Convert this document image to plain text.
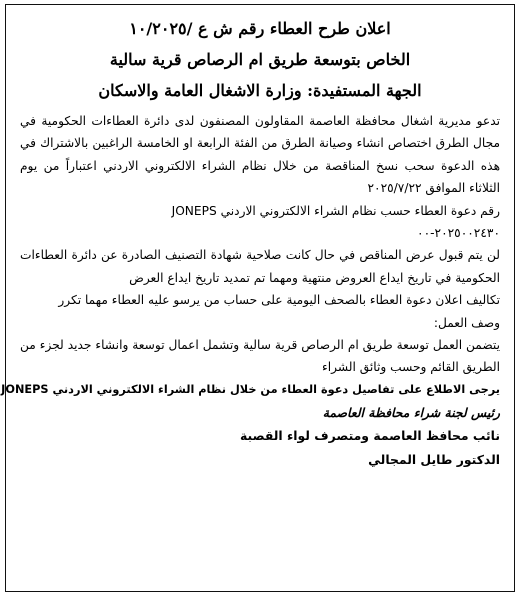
اعلان طرح العطاء رقم ش ع /١٠/٢٠٢٥
الخاص بتوسعة طريق ام الرصاص قرية سالية
الجهة المستفيدة: وزارة الاشغال العامة والاسكان

تدعو مديرية اشغال محافظة العاصمة المقاولون المصنفون لدى دائرة العطاءات الحكومية في مجال الطرق اختصاص انشاء وصيانة الطرق من الفئة الرابعة او الخامسة الراغبين بالاشتراك في هذه الدعوة سحب نسخ المناقصة من خلال نظام الشراء الالكتروني الاردني اعتباراً من يوم الثلاثاء الموافق ٢٠٢٥/٧/٢٢

رقم دعوة العطاء حسب نظام الشراء الالكتروني الاردني JONEPS

٢٠٢٥٠٠٢٤٣٠-٠٠

لن يتم قبول عرض المناقص في حال كانت صلاحية شهادة التصنيف الصادرة عن دائرة العطاءات الحكومية في تاريخ ايداع العروض منتهية ومهما تم تمديد تاريخ ايداع العرض

تكاليف اعلان دعوة العطاء بالصحف اليومية على حساب من يرسو عليه العطاء مهما تكرر

وصف العمل:

يتضمن العمل توسعة طريق ام الرصاص قرية سالية وتشمل اعمال توسعة وانشاء جديد لجزء من الطريق القائم وحسب وثائق الشراء

يرجى الاطلاع على تفاصيل دعوة العطاء من خلال نظام الشراء الالكتروني الاردني JONEPS

رئيس لجنة شراء محافظة العاصمة
نائب محافظ العاصمة ومتصرف لواء القصبة
الدكتور طايل المجالي
